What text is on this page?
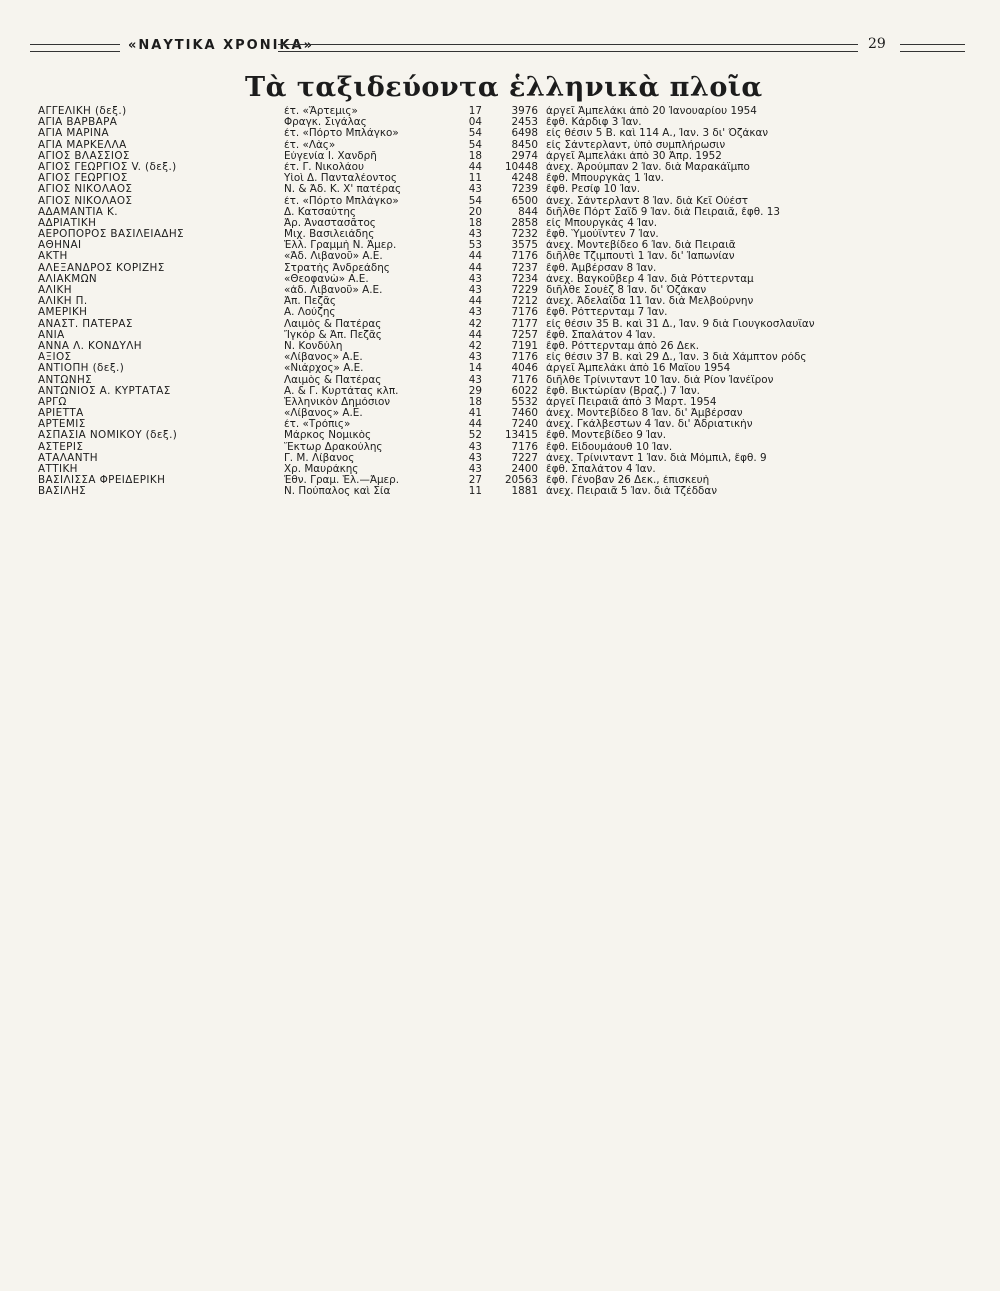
«ΝΑΥΤΙΚΑ ΧΡΟΝΙΚΑ»	29
Τὰ ταξιδεύοντα ἑλληνικὰ πλοῖα
ΑΓΓΕΛΙΚΗ (δεξ.)	ἐτ. «Ἄρτεμις»	17	3976 ἀργεῖ Ἀμπελάκι ἀπὸ 20 Ἰανουαρίου 1954
ΑΓΙΑ ΒΑΡΒΑΡΑ	Φραγκ. Σιγάλας	04	2453 ἔφθ. Κάρδιφ 3 Ἰαν.
ΑΓΙΑ ΜΑΡΙΝΑ	ἐτ. «Πόρτο Μπλάγκο»	54	6498 εἰς θέσιν 5 Β. καὶ 114 Α., Ἰαν. 3 δι' Ὀζάκαν
ΑΓΙΑ ΜΑΡΚΕΛΛΑ	ἐτ. «Λὰς»	54	8450 εἰς Σάντερλαντ, ὑπὸ συμπλήρωσιν
ΑΓΙΟΣ ΒΛΑΣΣΙΟΣ	Εὐγενία Ι. Χανδρῆ	18	2974 ἀργεῖ Ἀμπελάκι ἀπὸ 30 Ἀπρ. 1952
ΑΓΙΟΣ ΓΕΩΡΓΙΟΣ V. (δεξ.)	ἐτ. Γ. Νικολάου	44	10448 ἀνεχ. Ἀρούμπαν 2 Ἰαν. διὰ Μαρακάϊμπο
ΑΓΙΟΣ ΓΕΩΡΓΙΟΣ	Υἱοὶ Δ. Πανταλέοντος	11	4248 ἔφθ. Μπουργκὰς 1 Ἰαν.
ΑΓΙΟΣ ΝΙΚΟΛΑΟΣ	Ν. & Ἀδ. Κ. Χ' πατέρας	43	7239 ἔφθ. Ρεσίφ 10 Ἰαν.
ΑΓΙΟΣ ΝΙΚΟΛΑΟΣ	ἐτ. «Πόρτο Μπλάγκο»	54	6500 ἀνεχ. Σάντερλαντ 8 Ἰαν. διὰ Κεῖ Οὐέστ
ΑΔΑΜΑΝΤΙΑ Κ.	Δ. Κατσαύτης	20	844 διῆλθε Πόρτ Σαΐδ 9 Ἰαν. διὰ Πειραιᾶ, ἔφθ. 13
ΑΔΡΙΑΤΙΚΗ	Ἀρ. Ἀναστασᾶτος	18	2858 εἰς Μπουργκὰς 4 Ἰαν.
ΑΕΡΟΠΟΡΟΣ ΒΑΣΙΛΕΙΑΔΗΣ	Μιχ. Βασιλειάδης	43	7232 ἔφθ. Ὑμούϊντεν 7 Ἰαν.
ΑΘΗΝΑΙ	Ἑλλ. Γραμμὴ Ν. Ἀμερ.	53	3575 ἀνεχ. Μοντεβίδεο 6 Ἰαν. διὰ Πειραιᾶ
ΑΚΤΗ	«Ἀδ. Λιβανοῦ» Α.Ε.	44	7176 διῆλθε Τζιμπουτὶ 1 Ἰαν. δι' Ἰαπωνίαν
ΑΛΕΞΑΝΔΡΟΣ ΚΟΡΙΖΗΣ	Στρατὴς Ἀνδρεάδης	44	7237 ἔφθ. Ἀμβέρσαν 8 Ἰαν.
ΑΛΙΑΚΜΩΝ	«Θεοφανὼ» Α.Ε.	43	7234 ἀνεχ. Βαγκοῦβερ 4 Ἰαν. διὰ Ρόττερνταμ
ΑΛΙΚΗ	«ἀδ. Λιβανοῦ» Α.Ε.	43	7229 διῆλθε Σουὲζ 8 Ἰαν. δι' Ὀζάκαν
ΑΛΙΚΗ Π.	Ἀπ. Πεζᾶς	44	7212 ἀνεχ. Ἀδελαΐδα 11 Ἰαν. διὰ Μελβούρνην
ΑΜΕΡΙΚΗ	Α. Λούζης	43	7176 ἔφθ. Ρόττερνταμ 7 Ἰαν.
ΑΝΑΣΤ. ΠΑΤΕΡΑΣ	Λαιμὸς & Πατέρας	42	7177 εἰς θέσιν 35 Β. καὶ 31 Δ., Ἰαν. 9 διὰ Γιουγκοσλαυΐαν
ΑΝΙΑ	Ἴγκόρ & Ἀπ. Πεζᾶς	44	7257 ἔφθ. Σπαλάτον 4 Ἰαν.
ΑΝΝΑ Λ. ΚΟΝΔΥΛΗ	Ν. Κονδύλη	42	7191 ἔφθ. Ρόττερνταμ ἀπὸ 26 Δεκ.
ΑΞΙΟΣ	«Λίβανος» Α.Ε.	43	7176 εἰς θέσιν 37 Β. καὶ 29 Δ., Ἰαν. 3 διὰ Χάμπτον ρόδς
ΑΝΤΙΟΠΗ (δεξ.)	«Νιάρχος» Α.Ε.	14	4046 ἀργεῖ Ἀμπελάκι ἀπὸ 16 Μαΐου 1954
ΑΝΤΩΝΗΣ	Λαιμὸς & Πατέρας	43	7176 διῆλθε Τρίνινταντ 10 Ἰαν. διὰ Ρίον Ἰανέϊρον
ΑΝΤΩΝΙΟΣ Α. ΚΥΡΤΑΤΑΣ	Α. & Γ. Κυρτάτας κλπ.	29	6022 ἔφθ. Βικτώρίαν (Βραζ.) 7 Ἰαν.
ΑΡΓΩ	Ἑλληνικὸν Δημόσιον	18	5532 ἀργεῖ Πειραιᾶ ἀπὸ 3 Μαρτ. 1954
ΑΡΙΕΤΤΑ	«Λίβανος» Α.Ε.	41	7460 ἀνεχ. Μοντεβίδεο 8 Ἰαν. δι' Ἀμβέρσαν
ΑΡΤΕΜΙΣ	ἐτ. «Τρόπις»	44	7240 ἀνεχ. Γκάλβεστων 4 Ἰαν. δι' Ἀδριατικὴν
ΑΣΠΑΣΙΑ ΝΟΜΙΚΟΥ (δεξ.)	Μάρκος Νομικὸς	52	13415 ἔφθ. Μοντεβίδεο 9 Ἰαν.
ΑΣΤΕΡΙΣ	Ἕκτωρ Δρακούλης	43	7176 ἔφθ. Εἰδουμάουθ 10 Ἰαν.
ΑΤΑΛΑΝΤΗ	Γ. Μ. Λίβανος	43	7227 ἀνεχ. Τρίνινταντ 1 Ἰαν. διὰ Μόμπιλ, ἔφθ. 9
ΑΤΤΙΚΗ	Χρ. Μαυράκης	43	2400 ἔφθ. Σπαλάτον 4 Ἰαν.
ΒΑΣΙΛΙΣΣΑ ΦΡΕΙΔΕΡΙΚΗ	Ἐθν. Γραμ. Ἑλ.—Ἀμερ.	27	20563 ἔφθ. Γένοβαν 26 Δεκ., ἐπισκευὴ
ΒΑΣΙΛΗΣ	Ν. Πούπαλος καὶ Σία	11	1881 ἀνεχ. Πειραιᾶ 5 Ἰαν. διὰ Τζέδδαν
